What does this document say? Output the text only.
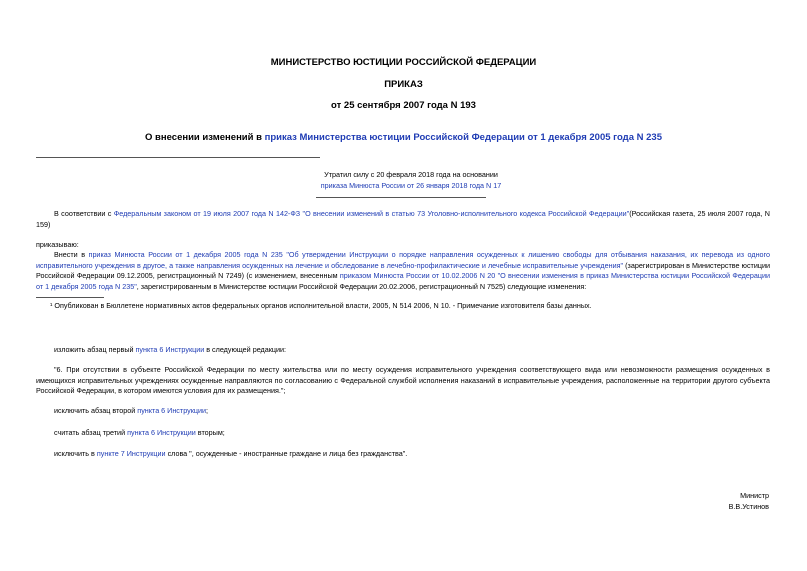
МИНИСТЕРСТВО ЮСТИЦИИ РОССИЙСКОЙ ФЕДЕРАЦИИ
ПРИКАЗ
от 25 сентября 2007 года N 193
О внесении изменений в приказ Министерства юстиции Российской Федерации от 1 декабря 2005 года N 235
Утратил силу с 20 февраля 2018 года на основании
приказа Минюста России от 26 января 2018 года N 17
В соответствии с Федеральным законом от 19 июля 2007 года N 142-ФЗ "О внесении изменений в статью 73 Уголовно-исполнительного кодекса Российской Федерации"(Российская газета, 25 июля 2007 года, N 159)
приказываю:
Внести в приказ Минюста России от 1 декабря 2005 года N 235 "Об утверждении Инструкции о порядке направления осужденных к лишению свободы для отбывания наказания, их перевода из одного исправительного учреждения в другое, а также направления осужденных на лечение и обследование в лечебно-профилактические и лечебные исправительные учреждения" (зарегистрирован в Министерстве юстиции Российской Федерации 09.12.2005, регистрационный N 7249) (с изменением, внесенным приказом Минюста России от 10.02.2006 N 20 "О внесении изменения в приказ Министерства юстиции Российской Федерации от 1 декабря 2005 года N 235", зарегистрированным в Министерстве юстиции Российской Федерации 20.02.2006, регистрационный N 7525) следующие изменения:
¹ Опубликован в Бюллетене нормативных актов федеральных органов исполнительной власти, 2005, N 514 2006, N 10. - Примечание изготовителя базы данных.
изложить абзац первый пункта 6 Инструкции в следующей редакции:
"6. При отсутствии в субъекте Российской Федерации по месту жительства или по месту осуждения исправительного учреждения соответствующего вида или невозможности размещения осужденных в имеющихся исправительных учреждениях осужденные направляются по согласованию с Федеральной службой исполнения наказаний в исправительные учреждения, расположенные на территории другого субъекта Российской Федерации, в котором имеются условия для их размещения.";
исключить абзац второй пункта 6 Инструкции;
считать абзац третий пункта 6 Инструкции вторым;
исключить в пункте 7 Инструкции слова ", осужденные - иностранные граждане и лица без гражданства".
Министр
В.В.Устинов
